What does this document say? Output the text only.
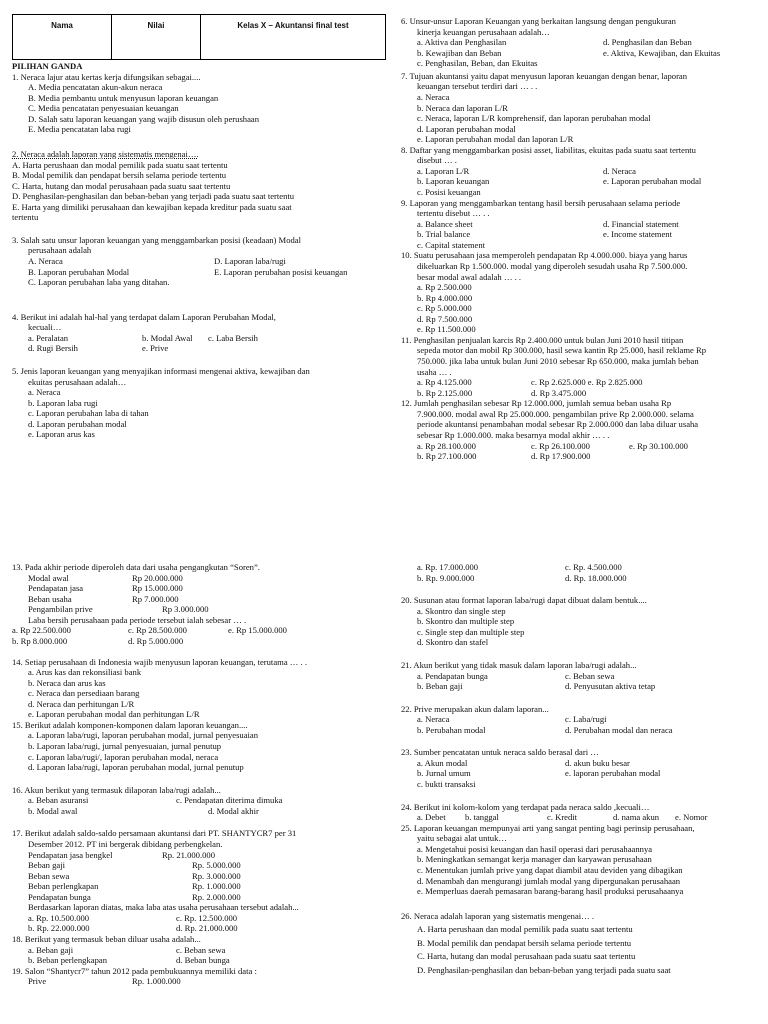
Nama	Nilai	Kelas X – Akuntansi final test
PILIHAN GANDA
1. Neraca lajur atau kertas kerja difungsikan sebagai....
A. Media pencatatan akun-akun neraca
B. Media pembantu untuk menyusun laporan keuangan
C. Media pencatatan penyesuaian keuangan
D. Salah satu laporan keuangan yang wajib disusun oleh perushaan
E. Media pencatatan laba rugi
2. Neraca adalah laporan yang sistematis mengenai….
A. Harta perushaan dan modal pemilik pada suatu saat tertentu
B. Modal pemilik dan pendapat bersih selama periode tertentu
C. Harta, hutang dan modal perusahaan pada suatu saat tertentu
D. Penghasilan-penghasilan dan beban-beban yang terjadi pada suatu saat tertentu
E. Harta yang dimiliki perusahaan dan kewajiban kepada kreditur pada suatu saat
tertentu
3. Salah satu unsur laporan keuangan yang menggambarkan posisi (keadaan) Modal
perusahaan adalah
A. Neraca	D. Laporan laba/rugi
B. Laporan perubahan Modal	E. Laporan perubahan posisi keuangan
C. Laporan perubahan laba yang ditahan.
4. Berikut ini adalah hal-hal yang terdapat dalam Laporan Perubahan Modal,
kecuali…
a. Peralatan	b. Modal Awal	c. Laba Bersih
d. Rugi Bersih	e. Prive
5. Jenis laporan keuangan yang menyajikan informasi mengenai aktiva, kewajiban dan
ekuitas perusahaan adalah…
a. Neraca
b. Laporan laba rugi
c. Laporan perubahan laba di tahan
d. Laporan perubahan modal
e. Laporan arus kas
6. Unsur-unsur Laporan Keuangan yang berkaitan langsung dengan pengukuran
kinerja keuangan perusahaan adalah…
a. Aktiva dan Penghasilan	d. Penghasilan dan Beban
b. Kewajiban dan Beban	e. Aktiva, Kewajiban, dan Ekuitas
c. Penghasilan, Beban, dan Ekuitas
7. Tujuan akuntansi yaitu dapat menyusun laporan keuangan dengan benar, laporan
keuangan tersebut terdiri dari … . .
a. Neraca
b. Neraca dan laporan L/R
c. Neraca, laporan L/R komprehensif, dan laporan perubahan modal
d. Laporan perubahan modal
e. Laporan perubahan modal dan laporan L/R
8. Daftar yang menggambarkan posisi asset, liabilitas, ekuitas pada suatu saat tertentu
disebut … .
a. Laporan L/R	d. Neraca
b. Laporan keuangan	e. Laporan perubahan modal
c. Posisi keuangan
9. Laporan yang menggambarkan tentang hasil bersih perusahaan selama periode
tertentu disebut … . .
a. Balance sheet	d. Financial statement
b. Trial balance	e. Income statement
c. Capital statement
10. Suatu perusahaan jasa memperoleh pendapatan Rp 4.000.000. biaya yang harus
dikeluarkan Rp 1.500.000. modal yang diperoleh sesudah usaha Rp 7.500.000.
besar modal awal adalah … . .
a. Rp 2.500.000
b. Rp 4.000.000
c. Rp 5.000.000
d. Rp 7.500.000
e. Rp 11.500.000
11. Penghasilan penjualan karcis Rp 2.400.000 untuk bulan Juni 2010 hasil titipan
sepeda motor dan mobil Rp 300.000, hasil sewa kantin Rp 25.000, hasil reklame Rp
750.000. jika laba untuk bulan Juni 2010 sebesar Rp 650.000, maka jumlah beban
usaha … .
a. Rp 4.125.000	c. Rp 2.625.000 e. Rp 2.825.000
b. Rp 2.125.000	d. Rp 3.475.000
12. Jumlah penghasilan sebesar Rp 12.000.000, jumlah semua beban usaha Rp
7.900.000. modal awal Rp 25.000.000. pengambilan prive Rp 2.000.000. selama
periode akuntansi penambahan modal sebesar Rp 2.000.000 dan laba diluar usaha
sebesar Rp 1.000.000. maka besarnya modal akhir … . .
a. Rp 28.100.000	c. Rp 26.100.000	e. Rp 30.100.000
b. Rp 27.100.000	d. Rp 17.900.000
13. Pada akhir periode diperoleh data dari usaha pengangkutan “Soren”.
Modal awal	Rp 20.000.000
Pendapatan jasa	Rp 15.000.000
Beban usaha	Rp 7.000.000
Pengambilan prive	Rp 3.000.000
Laba bersih perusahaan pada periode tersebut ialah sebesar … .
a. Rp 22.500.000	c. Rp 28.500.000	e. Rp 15.000.000
b. Rp 8.000.000	d. Rp 5.000.000
14. Setiap perusahaan di Indonesia wajib menyusun laporan keuangan, terutama … . .
a. Arus kas dan rekonsiliasi bank
b. Neraca dan arus kas
c. Neraca dan persediaan barang
d. Neraca dan perhitungan L/R
e. Laporan perubahan modal dan perhitungan L/R
15. Berikut adalah komponen-komponen dalam laporan keuangan....
a. Laporan laba/rugi, laporan perubahan modal, jurnal penyesuaian
b. Laporan laba/rugi, jurnal penyesuaian, jurnal penutup
c. Laporan laba/rugi/, laporan perubahan modal, neraca
d. Laporan laba/rugi, laporan perubahan modal, jurnal penutup
16. Akun berikut yang termasuk dilaporan laba/rugi adalah...
a. Beban asuransi	c. Pendapatan diterima dimuka
b. Modal awal	d. Modal akhir
17. Berikut adalah saldo-saldo persamaan akuntansi dari PT. SHANTYCR7 per 31
Desember 2012. PT ini bergerak dibidang perbengkelan.
Pendapatan jasa bengkel	Rp. 21.000.000
Beban gaji	Rp. 5.000.000
Beban sewa	Rp. 3.000.000
Beban perlengkapan	Rp. 1.000.000
Pendapatan bunga	Rp. 2.000.000
Berdasarkan laporan diatas, maka laba atas usaha perusahaan tersebut adalah...
a. Rp. 10.500.000	c. Rp. 12.500.000
b. Rp. 22.000.000	d. Rp. 21.000.000
18. Berikut yang termasuk beban diluar usaha adalah...
a. Beban gaji	c. Beban sewa
b. Beban perlengkapan	d. Beban bunga
19. Salon “Shantycr7” tahun 2012 pada pembukuannya memiliki data :
Prive	Rp. 1.000.000
a. Rp. 17.000.000	c. Rp. 4.500.000
b. Rp. 9.000.000	d. Rp. 18.000.000
20. Susunan atau format laporan laba/rugi dapat dibuat dalam bentuk....
a. Skontro dan single step
b. Skontro dan multiple step
c. Single step dan multiple step
d. Skontro dan stafel
21. Akun berikut yang tidak masuk dalam laporan laba/rugi adalah...
a. Pendapatan bunga	c. Beban sewa
b. Beban gaji	d. Penyusutan aktiva tetap
22. Prive merupakan akun dalam laporan...
a. Neraca	c. Laba/rugi
b. Perubahan modal	d. Perubahan modal dan neraca
23. Sumber pencatatan untuk neraca saldo berasal dari …
a. Akun modal	d. akun buku besar
b. Jurnal umum	e. laporan perubahan modal
c. bukti transaksi
24. Berikut ini kolom-kolom yang terdapat pada neraca saldo ,kecuali…
a. Debet	b. tanggal	c. Kredit	d. nama akun	e. Nomor
25. Laporan keuangan mempunyai arti yang sangat penting bagi perinsip perusahaan,
yaitu sebagai alat untuk…
a. Mengetahui posisi keuangan dan hasil operasi dari perusahaannya
b. Meningkatkan semangat kerja manager dan karyawan perusahaan
c. Menentukan jumlah prive yang dapat diambil atau deviden yang dibagikan
d. Menambah dan mengurangi jumlah modal yang dipergunakan perusahaan
e. Memperluas daerah pemasaran barang-barang hasil produksi perusahaanya
26. Neraca adalah laporan yang sistematis mengenai… .
A. Harta perushaan dan modal pemilik pada suatu saat tertentu
B. Modal pemilik dan pendapat bersih selama periode tertentu
C. Harta, hutang dan modal perusahaan pada suatu saat tertentu
D. Penghasilan-penghasilan dan beban-beban yang terjadi pada suatu saat
